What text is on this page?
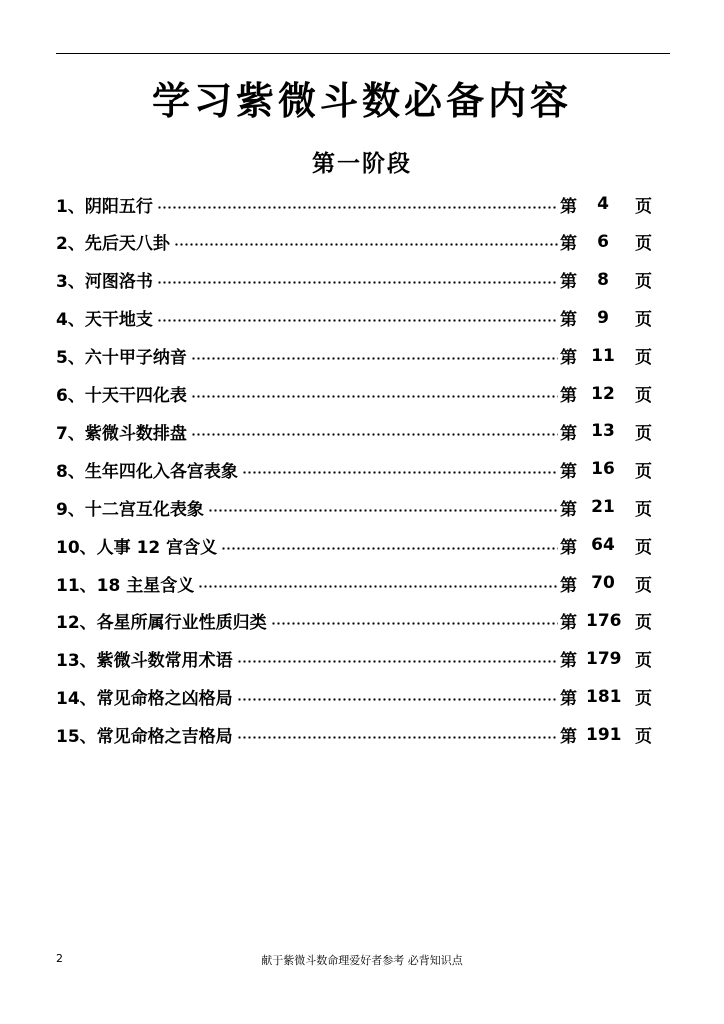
学习紫微斗数必备内容
第一阶段
1、阴阳五行	第	4	页
2、先后天八卦	第	6	页
3、河图洛书	第	8	页
4、天干地支	第	9	页
5、六十甲子纳音	第 11	页
6、十天干四化表	第 12	页
7、紫微斗数排盘	第 13	页
8、生年四化入各宫表象	第 16	页
9、十二宫互化表象	第 21	页
10、人事 12 宫含义	第 64	页
11、18 主星含义	第 70	页
12、各星所属行业性质归类	第 176 页
13、紫微斗数常用术语	第 179 页
14、常见命格之凶格局	第 181 页
15、常见命格之吉格局	第 191 页
2	献于紫微斗数命理爱好者参考 必背知识点
